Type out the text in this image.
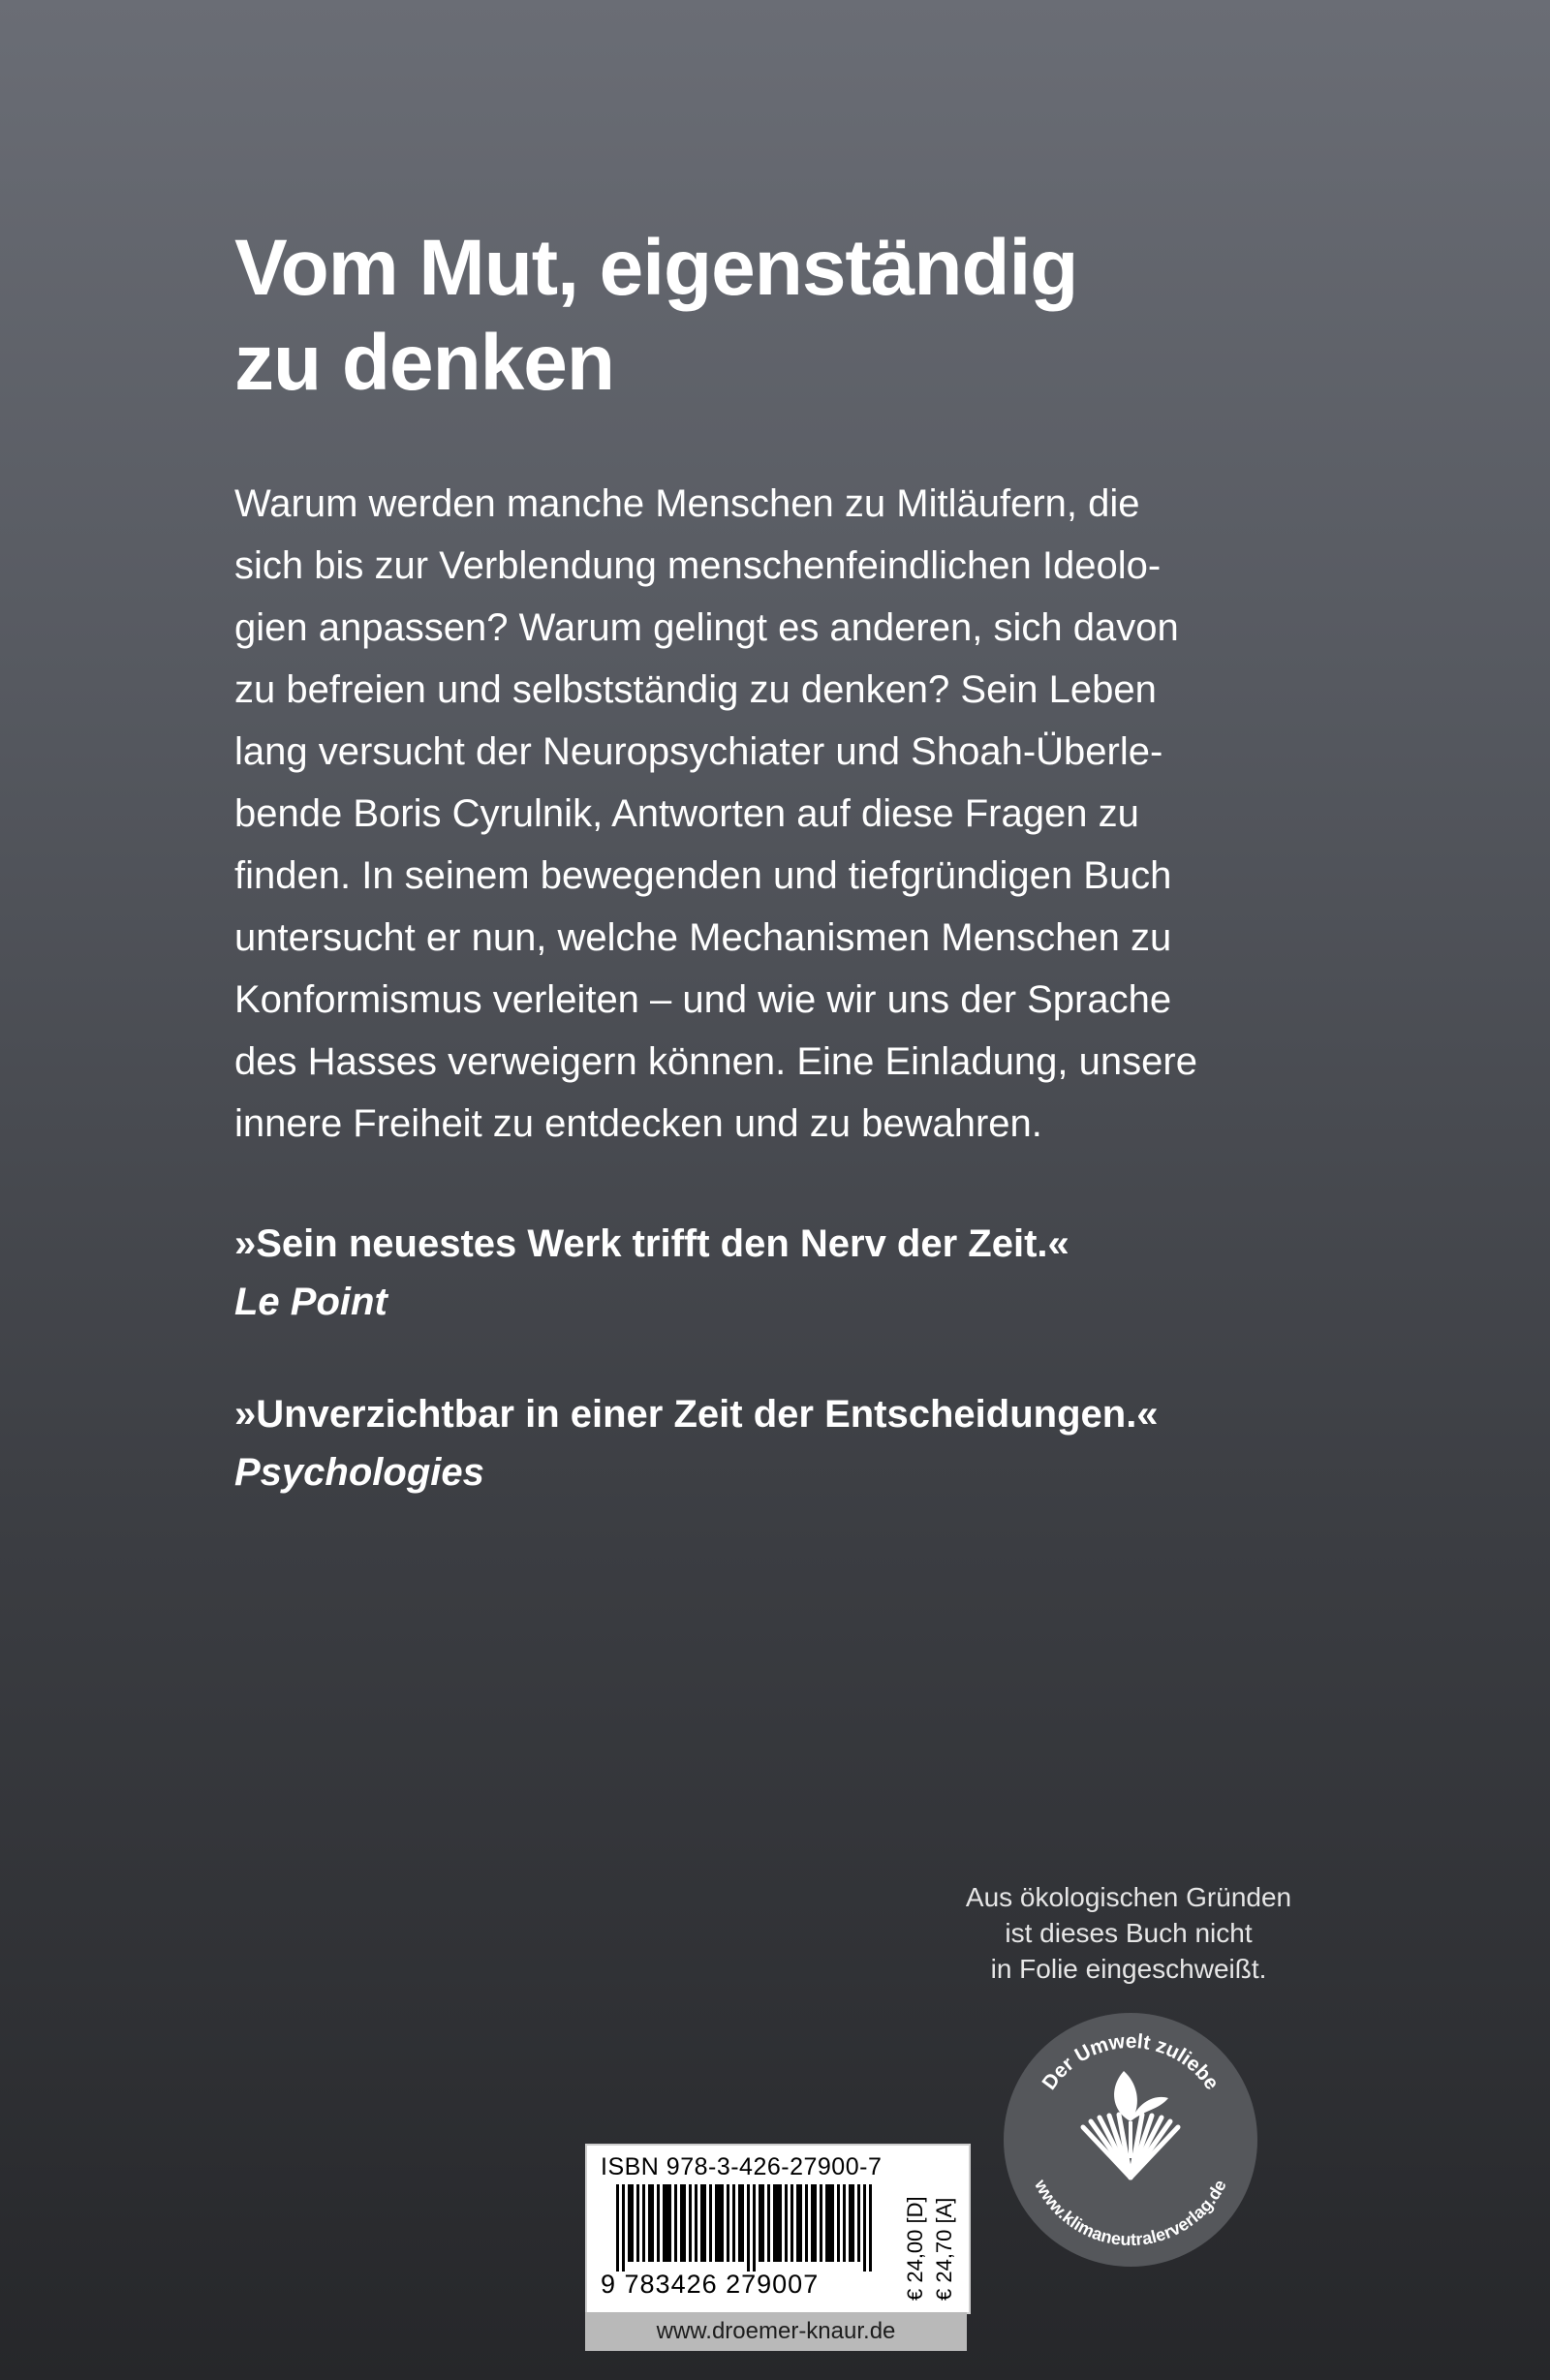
Vom Mut, eigenständig
zu denken
Warum werden manche Menschen zu Mitläufern, die
sich bis zur Verblendung menschenfeindlichen Ideolo-
gien anpassen? Warum gelingt es anderen, sich davon
zu befreien und selbstständig zu denken? Sein Leben
lang versucht der Neuropsychiater und Shoah-Überle-
bende Boris Cyrulnik, Antworten auf diese Fragen zu
finden. In seinem bewegenden und tiefgründigen Buch
untersucht er nun, welche Mechanismen Menschen zu
Konformismus verleiten – und wie wir uns der Sprache
des Hasses verweigern können. Eine Einladung, unsere
innere Freiheit zu entdecken und zu bewahren.
»Sein neuestes Werk trifft den Nerv der Zeit.«
Le Point
»Unverzichtbar in einer Zeit der Entscheidungen.«
Psychologies
Aus ökologischen Gründen
ist dieses Buch nicht
in Folie eingeschweißt.
Der Umwelt zuliebe
www.klimaneutralerverlag.de
ISBN 978-3-426-27900-7
9 783426 279007	€ 24,00 [D] € 24,70 [A]
www.droemer-knaur.de
